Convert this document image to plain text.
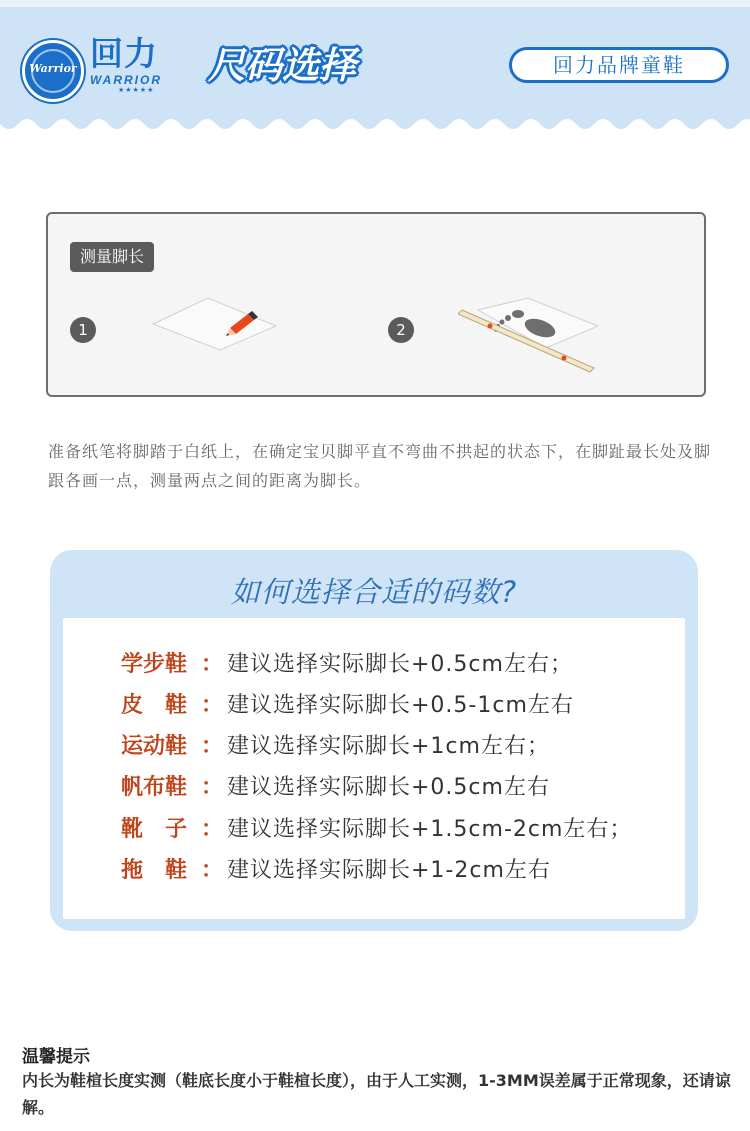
Warrior 回力
WARRIOR
★★★★★
尺码选择	回力品牌童鞋
测量脚长
1	2
准备纸笔将脚踏于白纸上，在确定宝贝脚平直不弯曲不拱起的状态下，在脚趾最长处及脚跟各画一点，测量两点之间的距离为脚长。
如何选择合适的码数?
学步鞋 ： 建议选择实际脚长+0.5cm左右；
皮　鞋 ： 建议选择实际脚长+0.5-1cm左右
运动鞋 ： 建议选择实际脚长+1cm左右；
帆布鞋 ： 建议选择实际脚长+0.5cm左右
靴　子 ： 建议选择实际脚长+1.5cm-2cm左右；
拖　鞋 ： 建议选择实际脚长+1-2cm左右
温馨提示
内长为鞋楦长度实测（鞋底长度小于鞋楦长度），由于人工实测，1-3MM误差属于正常现象，还请谅解。
